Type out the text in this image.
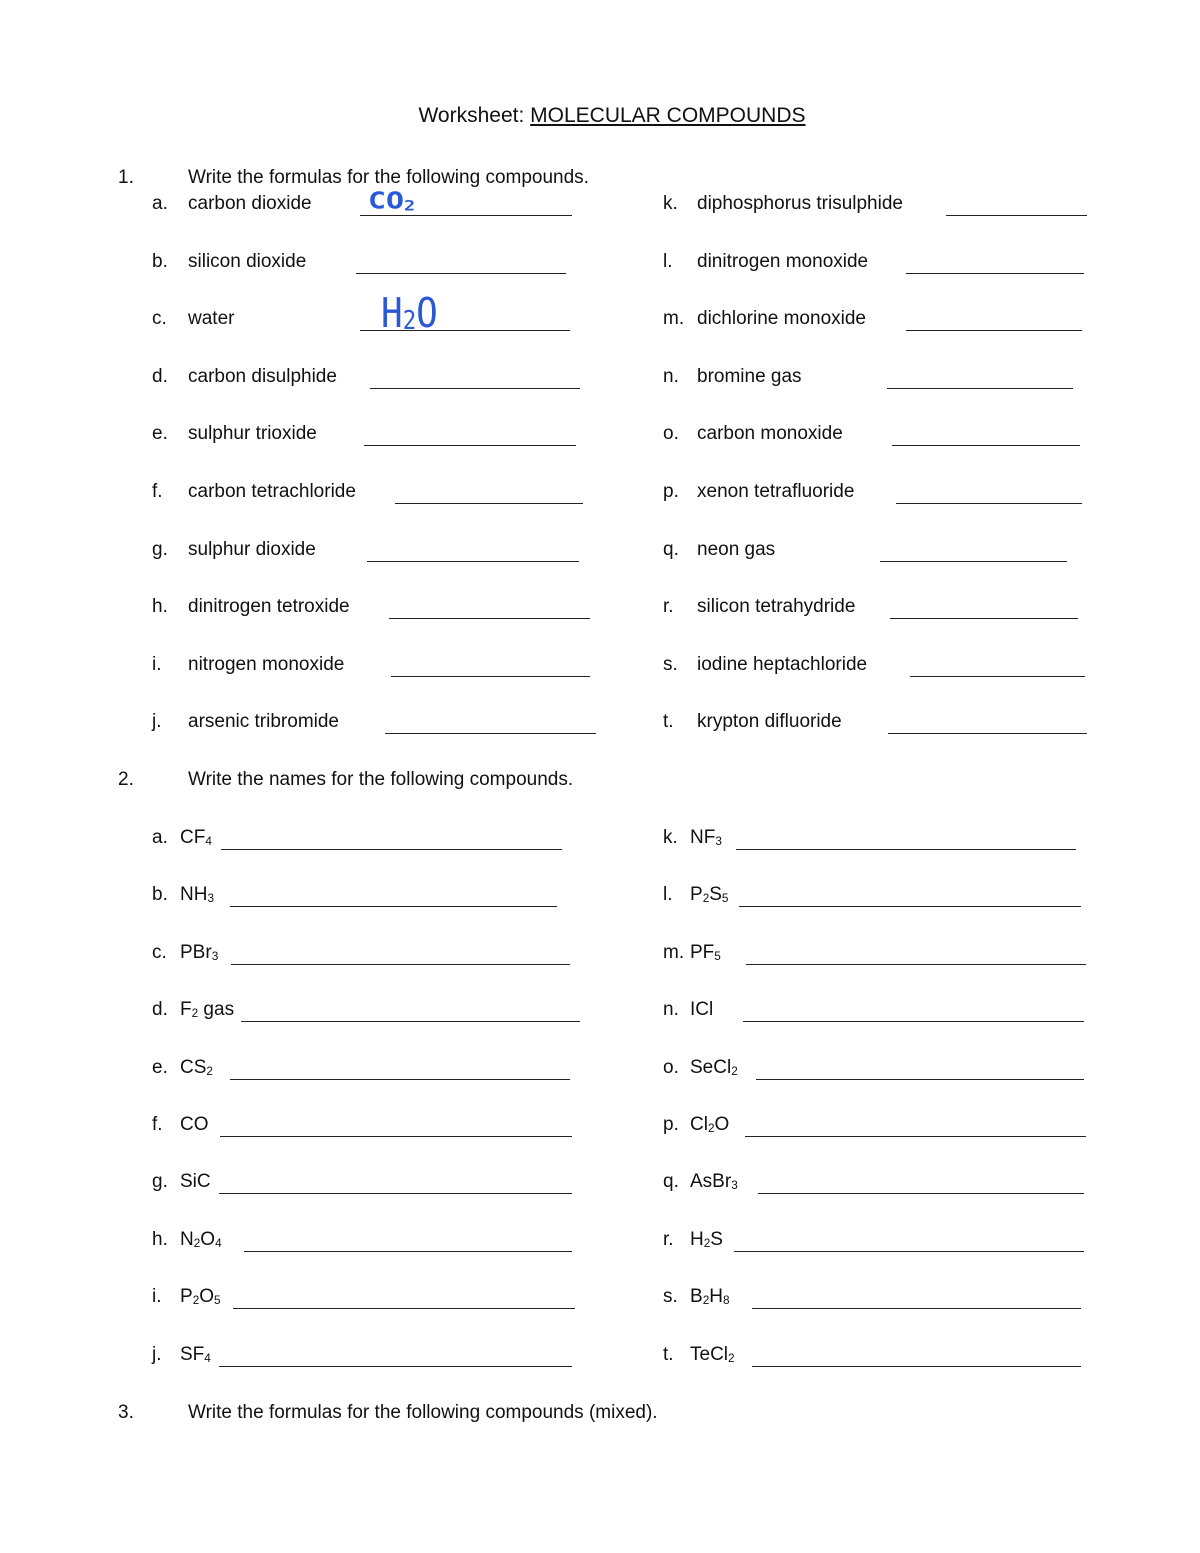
Worksheet: MOLECULAR COMPOUNDS
1.	Write the formulas for the following compounds.
a. carbon dioxide $CO_2$
b. silicon dioxide
c. water	$H_2O$
d. carbon disulphide
e. sulphur trioxide
f. carbon tetrachloride
g. sulphur dioxide
h. dinitrogen tetroxide
i. nitrogen monoxide
j. arsenic tribromide
k. diphosphorus trisulphide
l. dinitrogen monoxide
m. dichlorine monoxide
n. bromine gas
o. carbon monoxide
p. xenon tetrafluoride
q. neon gas
r. silicon tetrahydride
s. iodine heptachloride
t. krypton difluoride
2.	Write the names for the following compounds.
a. $CF_4$
b. $NH_3$
c. PBr$_3$
d. $F_2$ gas
e. $CS_2$
f. CO
g. SiC
h. $N_2O_4$
i. $P_2O_5$
j. $SF_4$
k. $NF_3$
l. $P_2S_5$
m. $PF_5$
n. ICl
o. SeCl$_2$
p. $Cl_2O$
q. AsBr$_3$
r. $H_2S$
s. $B_2H_8$
t. TeCl$_2$
3.	Write the formulas for the following compounds (mixed).
